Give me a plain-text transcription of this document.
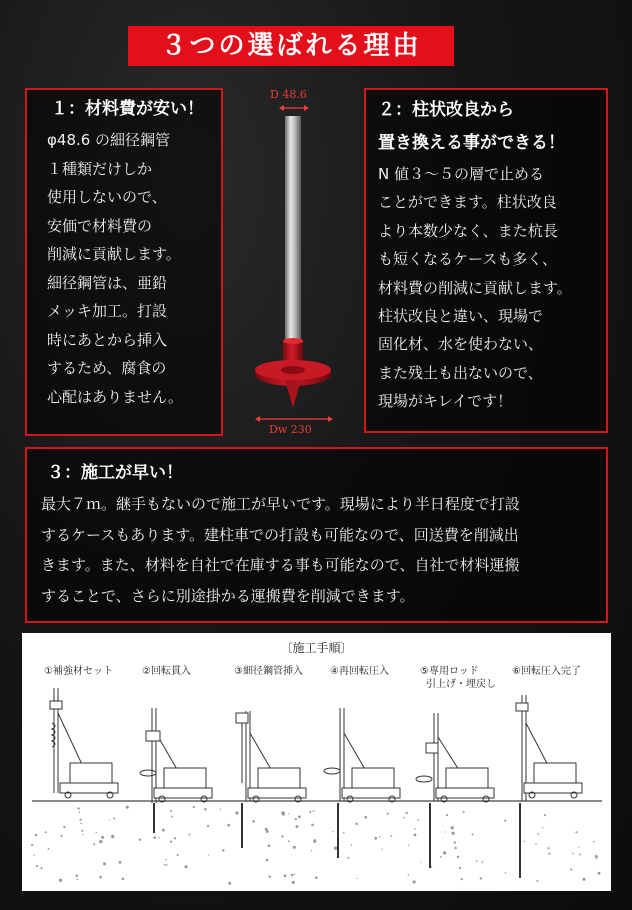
３つの選ばれる理由
１：材料費が安い！

φ48.6 の細径鋼管
１種類だけしか
使用しないので、
安価で材料費の
削減に貢献します。
細径鋼管は、亜鉛
メッキ加工。打設
時にあとから挿入
するため、腐食の
心配はありません。

D 48.6
Dw 230
２：柱状改良から
置き換える事ができる！

N 値３～５の層で止める
ことができます。柱状改良
より本数少なく、また杭長
も短くなるケースも多く、
材料費の削減に貢献します。
柱状改良と違い、現場で
固化材、水を使わない、
また残土も出ないので、
現場がキレイです！

３：施工が早い！

最大７ｍ。継手もないので施工が早いです。現場により半日程度で打設
するケースもあります。建柱車での打設も可能なので、回送費を削減出
きます。また、材料を自社で在庫する事も可能なので、自社で材料運搬
することで、さらに別途掛かる運搬費を削減できます。

〔施工手順〕
①補強材セット	②回転貫入	③細径鋼管挿入	④再回転圧入	⑤専用ロッド
引上げ・埋戻し
⑥回転圧入完了
